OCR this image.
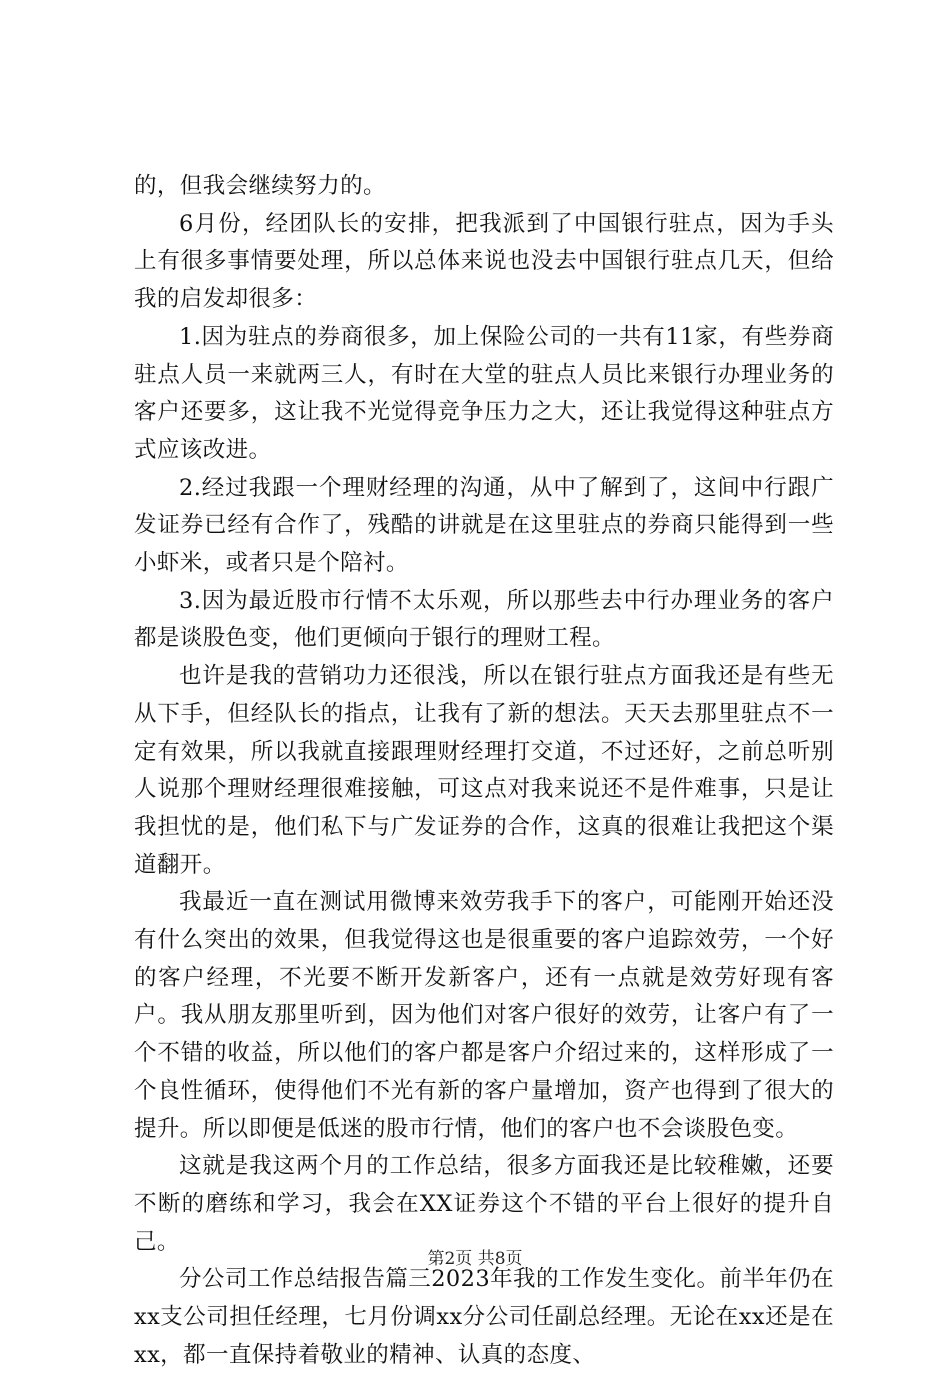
的，但我会继续努力的。

6月份，经团队长的安排，把我派到了中国银行驻点，因为手头上有很多事情要处理，所以总体来说也没去中国银行驻点几天，但给我的启发却很多：

1.因为驻点的券商很多，加上保险公司的一共有11家，有些券商驻点人员一来就两三人，有时在大堂的驻点人员比来银行办理业务的客户还要多，这让我不光觉得竞争压力之大，还让我觉得这种驻点方式应该改进。

2.经过我跟一个理财经理的沟通，从中了解到了，这间中行跟广发证券已经有合作了，残酷的讲就是在这里驻点的券商只能得到一些小虾米，或者只是个陪衬。

3.因为最近股市行情不太乐观，所以那些去中行办理业务的客户都是谈股色变，他们更倾向于银行的理财工程。

也许是我的营销功力还很浅，所以在银行驻点方面我还是有些无从下手，但经队长的指点，让我有了新的想法。天天去那里驻点不一定有效果，所以我就直接跟理财经理打交道，不过还好，之前总听别人说那个理财经理很难接触，可这点对我来说还不是件难事，只是让我担忧的是，他们私下与广发证券的合作，这真的很难让我把这个渠道翻开。

我最近一直在测试用微博来效劳我手下的客户，可能刚开始还没有什么突出的效果，但我觉得这也是很重要的客户追踪效劳，一个好的客户经理，不光要不断开发新客户，还有一点就是效劳好现有客户。我从朋友那里听到，因为他们对客户很好的效劳，让客户有了一个不错的收益，所以他们的客户都是客户介绍过来的，这样形成了一个良性循环，使得他们不光有新的客户量增加，资产也得到了很大的提升。所以即便是低迷的股市行情，他们的客户也不会谈股色变。

这就是我这两个月的工作总结，很多方面我还是比较稚嫩，还要不断的磨练和学习，我会在XX证券这个不错的平台上很好的提升自己。

分公司工作总结报告篇三2023年我的工作发生变化。前半年仍在xx支公司担任经理，七月份调xx分公司任副总经理。无论在xx还是在xx，都一直保持着敬业的精神、认真的态度、

第2页 共8页
